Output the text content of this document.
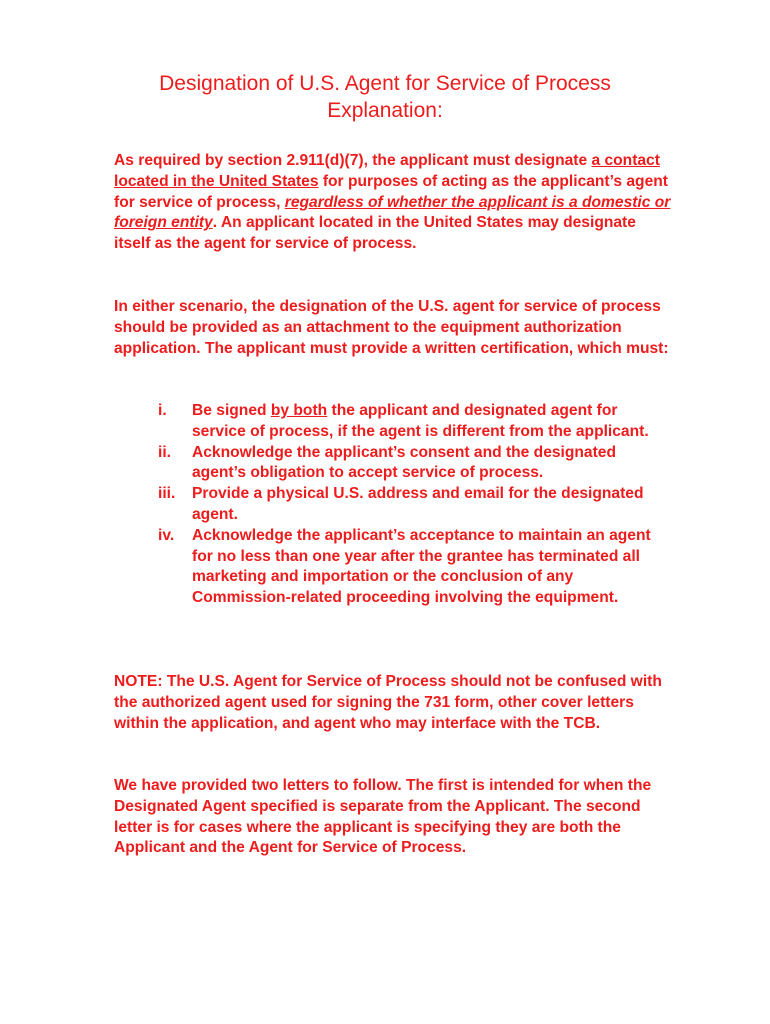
Designation of U.S. Agent for Service of Process
Explanation:

As required by section 2.911(d)(7), the applicant must designate a contact located in the United States for purposes of acting as the applicant’s agent for service of process, regardless of whether the applicant is a domestic or foreign entity. An applicant located in the United States may designate itself as the agent for service of process.

In either scenario, the designation of the U.S. agent for service of process should be provided as an attachment to the equipment authorization application. The applicant must provide a written certification, which must:

i. Be signed by both the applicant and designated agent for service of process, if the agent is different from the applicant.
ii. Acknowledge the applicant’s consent and the designated agent’s obligation to accept service of process.
iii. Provide a physical U.S. address and email for the designated agent.
iv. Acknowledge the applicant’s acceptance to maintain an agent for no less than one year after the grantee has terminated all marketing and importation or the conclusion of any Commission-related proceeding involving the equipment.

NOTE: The U.S. Agent for Service of Process should not be confused with the authorized agent used for signing the 731 form, other cover letters within the application, and agent who may interface with the TCB.

We have provided two letters to follow. The first is intended for when the Designated Agent specified is separate from the Applicant. The second letter is for cases where the applicant is specifying they are both the Applicant and the Agent for Service of Process.
